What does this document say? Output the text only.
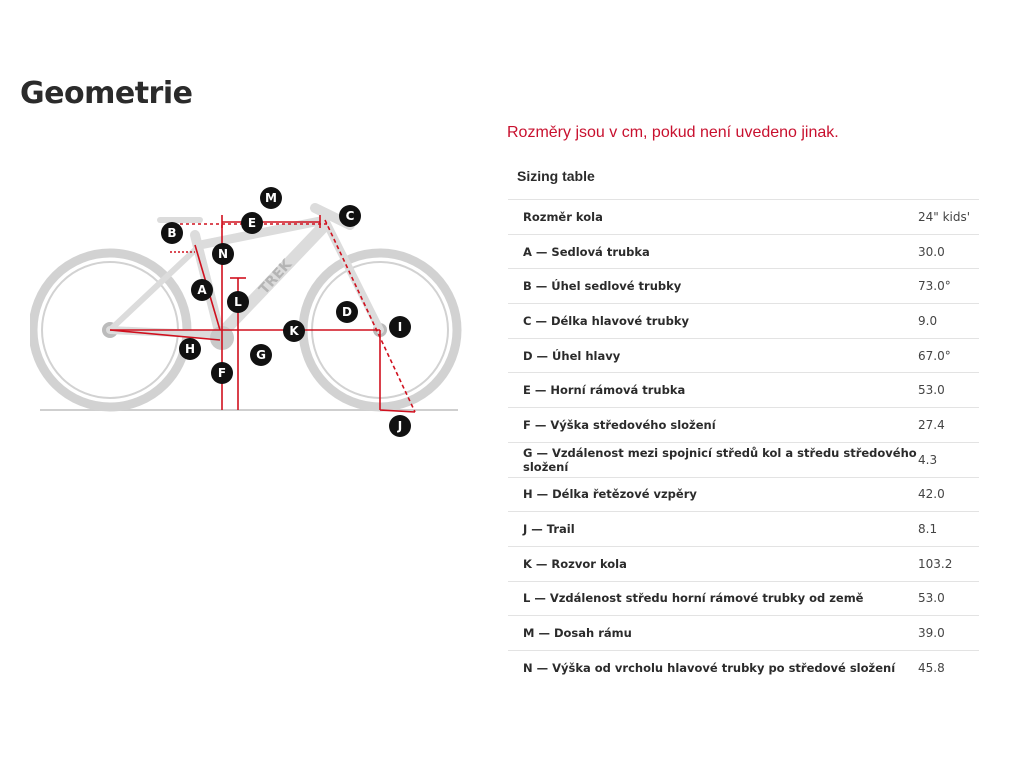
Geometrie
Rozměry jsou v cm, pokud není uvedeno jinak.
TREK
A
B
C
D
E
F
G
H
I
J
K
L
M
N
Sizing table
Rozměr kola	24" kids'
A — Sedlová trubka	30.0
B — Úhel sedlové trubky	73.0°
C — Délka hlavové trubky	9.0
D — Úhel hlavy	67.0°
E — Horní rámová trubka	53.0
F — Výška středového složení	27.4
G — Vzdálenost mezi spojnicí středů kol a středu středového složení	4.3
H — Délka řetězové vzpěry	42.0
J — Trail	8.1
K — Rozvor kola	103.2
L — Vzdálenost středu horní rámové trubky od země	53.0
M — Dosah rámu	39.0
N — Výška od vrcholu hlavové trubky po středové složení	45.8
